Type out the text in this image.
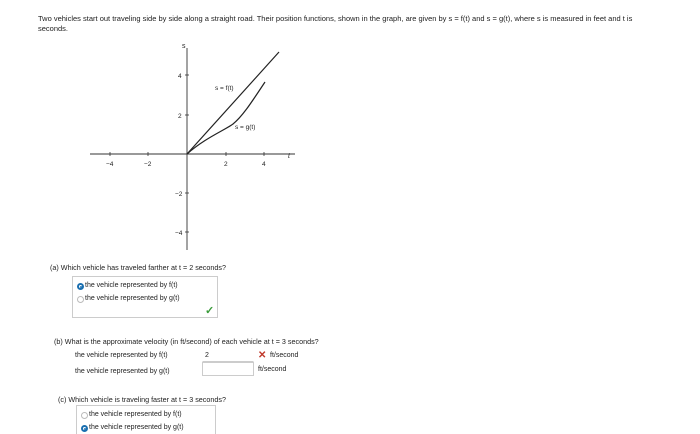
Two vehicles start out traveling side by side along a straight road. Their position functions, shown in the graph, are given by s = f(t) and s = g(t), where s is measured in feet and t is
seconds.
s
t
−4	−2	2	4
4
2
−2
−4
s = f(t)
s = g(t)
(a) Which vehicle has traveled farther at t = 2 seconds?
the vehicle represented by f(t)
the vehicle represented by g(t)
✓
(b) What is the approximate velocity (in ft/second) of each vehicle at t = 3 seconds?
the vehicle represented by f(t)	2	✕ ft/second
the vehicle represented by g(t)	ft/second
(c) Which vehicle is traveling faster at t = 3 seconds?
the vehicle represented by f(t)
the vehicle represented by g(t)
